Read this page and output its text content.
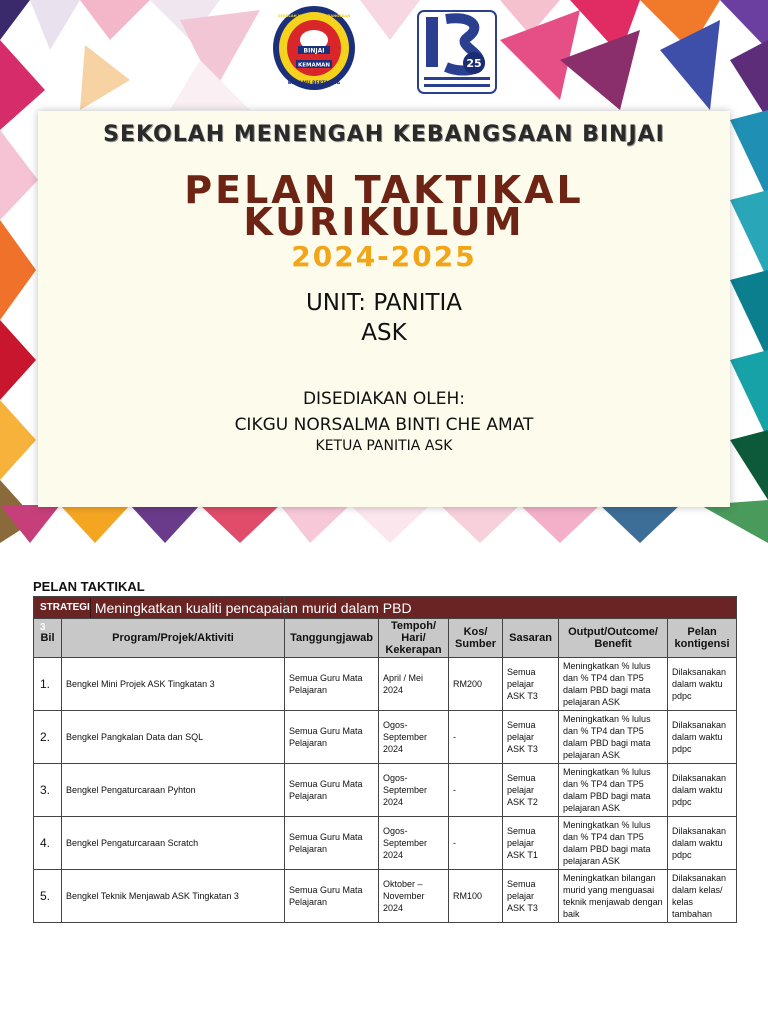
BINJAI
KEMAMAN
BERILMU BERTAQWA
SEKOLAH MENENGAH KEBANGSAAN
25
SEKOLAH MENENGAH KEBANGSAAN BINJAI
PELAN TAKTIKAL
KURIKULUM
2024-2025
UNIT: PANITIA
ASK
DISEDIAKAN OLEH:
CIKGU NORSALMA BINTI CHE AMAT
KETUA PANITIA ASK
PELAN TAKTIKAL
STRATEGI 3
Meningkatkan kualiti pencapaian murid dalam PBD							

Bil	Program/Projek/Aktiviti	Tanggungjawab	Tempoh/ Hari/ Kekerapan	Kos/ Sumber	Sasaran	Output/Outcome/ Benefit	Pelan kontigensi
1.	Bengkel Mini Projek ASK Tingkatan 3	Semua Guru Mata Pelajaran	April / Mei 2024	RM200	Semua pelajar ASK T3	Meningkatkan % lulus dan % TP4 dan TP5 dalam PBD bagi mata pelajaran ASK	Dilaksanakan dalam waktu pdpc
2.	Bengkel Pangkalan Data dan SQL	Semua Guru Mata Pelajaran	Ogos- September 2024	-	Semua pelajar ASK T3	Meningkatkan % lulus dan % TP4 dan TP5 dalam PBD bagi mata pelajaran ASK	Dilaksanakan dalam waktu pdpc
3.	Bengkel Pengaturcaraan Pyhton	Semua Guru Mata Pelajaran	Ogos- September 2024	-	Semua pelajar ASK T2	Meningkatkan % lulus dan % TP4 dan TP5 dalam PBD bagi mata pelajaran ASK	Dilaksanakan dalam waktu pdpc
4.	Bengkel Pengaturcaraan Scratch	Semua Guru Mata Pelajaran	Ogos- September 2024	-	Semua pelajar ASK T1	Meningkatkan % lulus dan % TP4 dan TP5 dalam PBD bagi mata pelajaran ASK	Dilaksanakan dalam waktu pdpc
5.	Bengkel Teknik Menjawab ASK Tingkatan 3	Semua Guru Mata Pelajaran	Oktober – November 2024	RM100	Semua pelajar ASK T3	Meningkatkan bilangan murid yang menguasai teknik menjawab dengan baik	Dilaksanakan dalam kelas/ kelas tambahan
